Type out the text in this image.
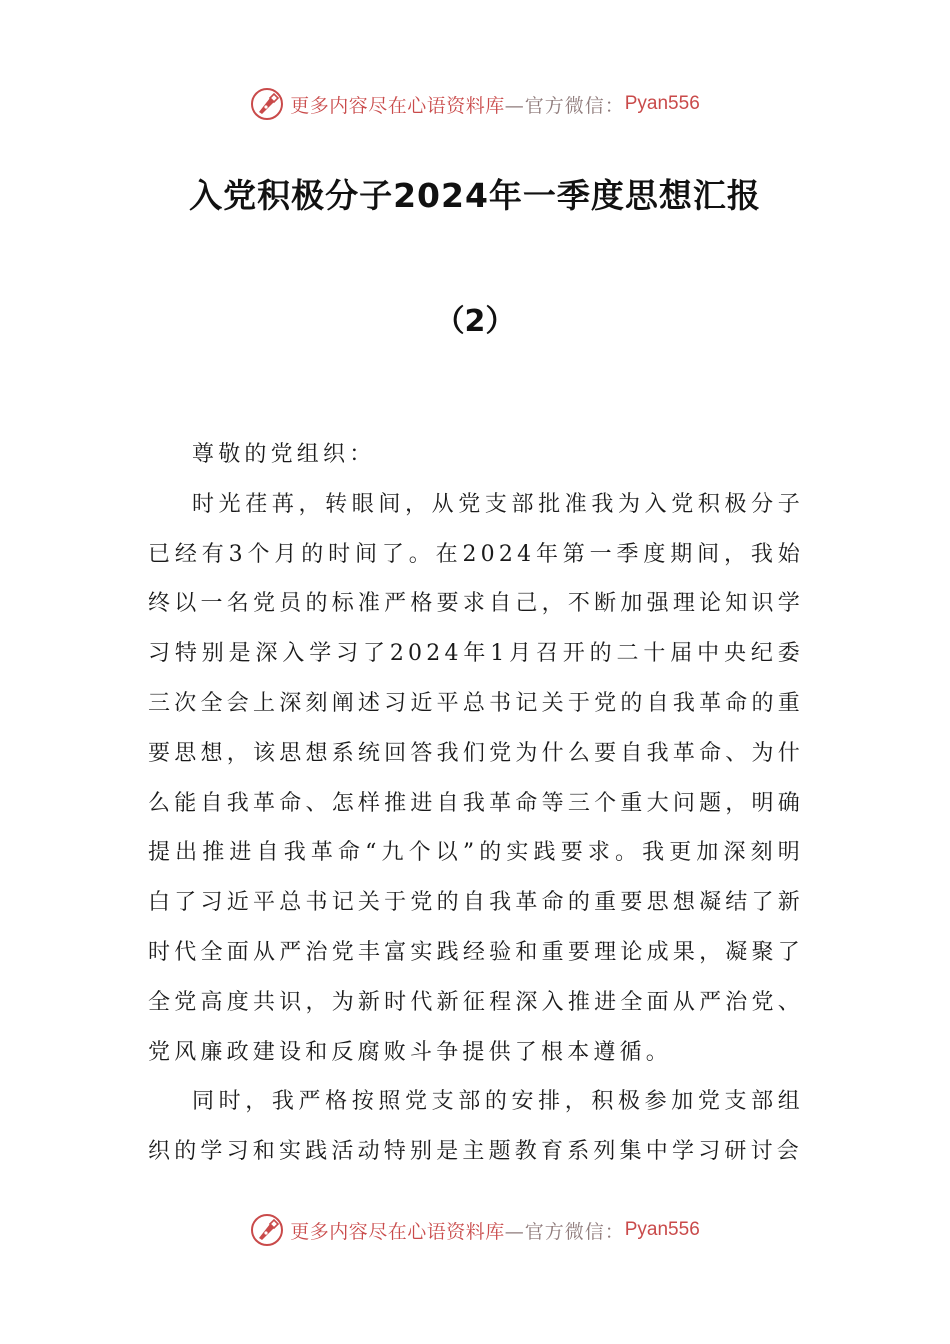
更多内容尽在心语资料库 —官方微信： Pyan556
入党积极分子2024年一季度思想汇报
（2）

尊敬的党组织：

时光荏苒，转眼间，从党支部批准我为入党积极分子已经有3个月的时间了。在2024年第一季度期间，我始终以一名党员的标准严格要求自己，不断加强理论知识学习特别是深入学习了2024年1月召开的二十届中央纪委三次全会上深刻阐述习近平总书记关于党的自我革命的重要思想，该思想系统回答我们党为什么要自我革命、为什么能自我革命、怎样推进自我革命等三个重大问题，明确提出推进自我革命“九个以”的实践要求。我更加深刻明白了习近平总书记关于党的自我革命的重要思想凝结了新时代全面从严治党丰富实践经验和重要理论成果，凝聚了全党高度共识，为新时代新征程深入推进全面从严治党、党风廉政建设和反腐败斗争提供了根本遵循。

同时，我严格按照党支部的安排，积极参加党支部组织的学习和实践活动特别是主题教育系列集中学习研讨会

更多内容尽在心语资料库 —官方微信： Pyan556
